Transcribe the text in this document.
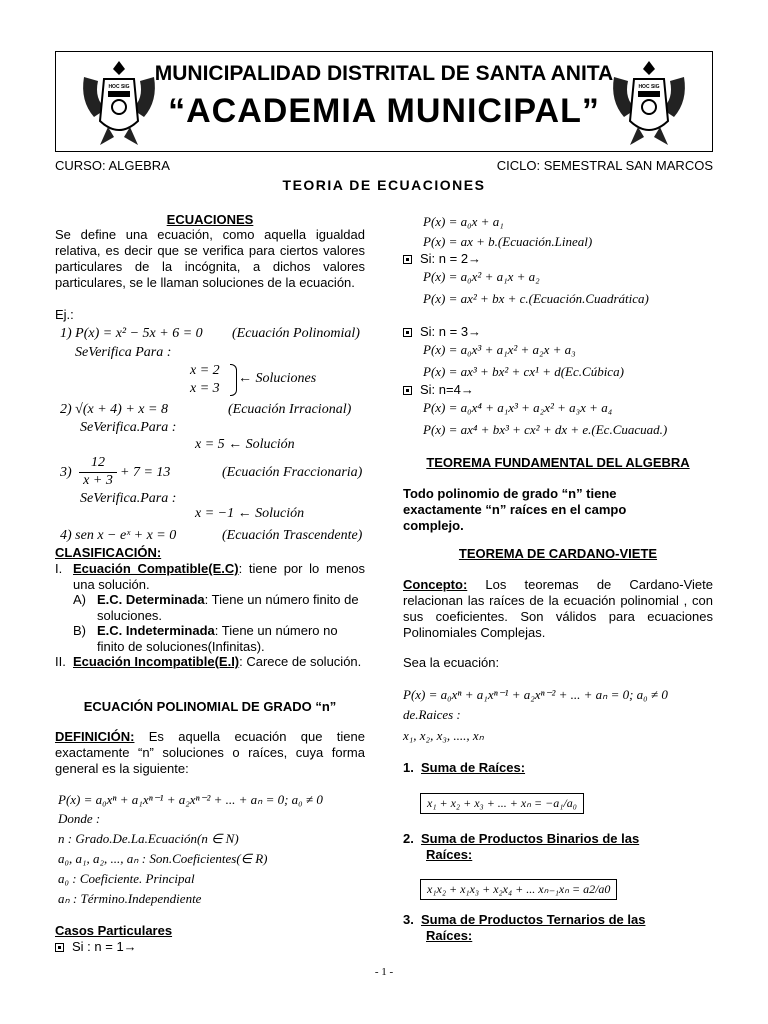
HOC SIG
MUNICIPALIDAD DISTRITAL DE SANTA ANITA
“ACADEMIA MUNICIPAL”
HOC SIG
CURSO: ALGEBRA	CICLO: SEMESTRAL SAN MARCOS
TEORIA DE ECUACIONES
ECUACIONES
Se define una ecuación, como aquella igualdad relativa, es decir que se verifica para ciertos valores particulares de la incógnita, a dichos valores particulares, se le llaman soluciones de la ecuación.
Ej.:
1) P(x) = x² − 5x + 6 = 0 (Ecuación Polinomial)
SeVerifica Para :
x = 2
x = 3
← Soluciones
2) √(x + 4) + x = 8	(Ecuación Irracional)
SeVerifica.Para :
x = 5 ← Solución
3)
12
x + 3
+ 7 = 13	(Ecuación Fraccionaria)
SeVerifica.Para :
x = −1 ← Solución
4) sen x − eˣ + x = 0	(Ecuación Trascendente)
CLASIFICACIÓN:
I. Ecuación Compatible(E.C): tiene por lo menos una solución.
A) E.C. Determinada: Tiene un número finito de soluciones.
B) E.C. Indeterminada: Tiene un número no finito de soluciones(Infinitas).
II. Ecuación Incompatible(E.I): Carece de solución.
ECUACIÓN POLINOMIAL DE GRADO “n”
DEFINICIÓN: Es aquella ecuación que tiene exactamente “n” soluciones o raíces, cuya forma general es la siguiente:
P(x) = a₀xⁿ + a₁xⁿ⁻¹ + a₂xⁿ⁻² + ... + aₙ = 0; a₀ ≠ 0
Donde :
n : Grado.De.La.Ecuación(n ∈ N)
a₀, a₁, a₂, ..., aₙ : Son.Coeficientes(∈ R)
a₀ : Coeficiente. Principal
aₙ : Término.Independiente
Casos Particulares
Si : n = 1→
P(x) = a₀x + a₁
P(x) = ax + b.(Ecuación.Lineal)
Si: n = 2→
P(x) = a₀x² + a₁x + a₂
P(x) = ax² + bx + c.(Ecuación.Cuadrática)
Si: n = 3→
P(x) = a₀x³ + a₁x² + a₂x + a₃
P(x) = ax³ + bx² + cx¹ + d(Ec.Cúbica)
Si: n=4→
P(x) = a₀x⁴ + a₁x³ + a₂x² + a₃x + a₄
P(x) = ax⁴ + bx³ + cx² + dx + e.(Ec.Cuacuad.)
TEOREMA FUNDAMENTAL DEL ALGEBRA
Todo polinomio de grado “n” tiene exactamente “n” raíces en el campo complejo.
TEOREMA DE CARDANO-VIETE
Concepto: Los teoremas de Cardano-Viete relacionan las raíces de la ecuación polinomial , con sus coeficientes. Son válidos para ecuaciones Polinomiales Complejas.
Sea la ecuación:
P(x) = a₀xⁿ + a₁xⁿ⁻¹ + a₂xⁿ⁻² + ... + aₙ = 0; a₀ ≠ 0
de.Raices :
x₁, x₂, x₃, ...., xₙ
1. Suma de Raíces:
x₁ + x₂ + x₃ + ... + xₙ = −a₁/a₀
2. Suma de Productos Binarios de las
Raíces:
x₁x₂ + x₁x₃ + x₂x₄ + ... xₙ₋₁xₙ = a2/a0
3. Suma de Productos Ternarios de las
Raíces:
- 1 -
